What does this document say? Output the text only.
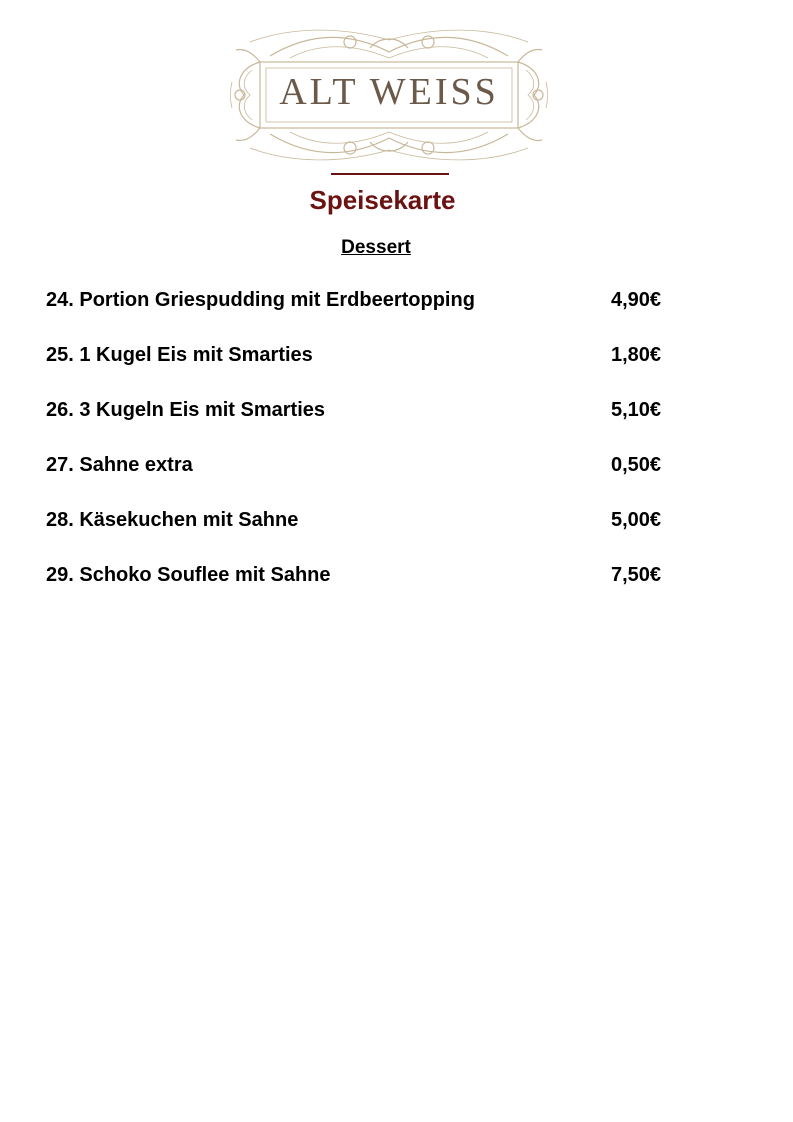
ALT WEISS
Speisekarte
Dessert
24. Portion Griespudding mit Erdbeertopping	4,90€
25. 1 Kugel Eis mit Smarties	1,80€
26. 3 Kugeln Eis mit Smarties	5,10€
27. Sahne extra	0,50€
28. Käsekuchen mit Sahne	5,00€
29. Schoko Souflee mit Sahne	7,50€
